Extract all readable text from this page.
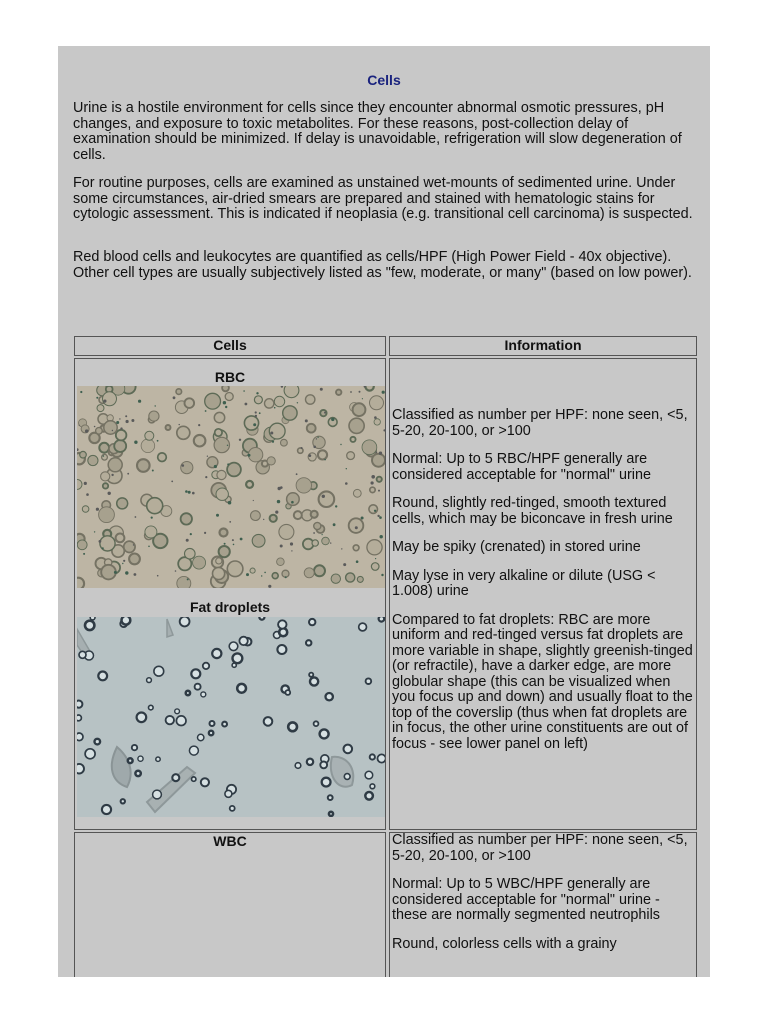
Cells

Urine is a hostile environment for cells since they encounter abnormal osmotic pressures, pH changes, and exposure to toxic metabolites. For these reasons, post-collection delay of examination should be minimized. If delay is unavoidable, refrigeration will slow degeneration of cells.

For routine purposes, cells are examined as unstained wet-mounts of sedimented urine. Under some circumstances, air-dried smears are prepared and stained with hematologic stains for cytologic assessment. This is indicated if neoplasia (e.g. transitional cell carcinoma) is suspected.

Red blood cells and leukocytes are quantified as cells/HPF (High Power Field - 40x objective). Other cell types are usually subjectively listed as "few, moderate, or many" (based on low power).

Cells	Information
RBC
Fat droplets

Classified as number per HPF: none seen, <5, 5-20, 20-100, or >100

Normal: Up to 5 RBC/HPF generally are considered acceptable for "normal" urine

Round, slightly red-tinged, smooth textured cells, which may be biconcave in fresh urine

May be spiky (crenated) in stored urine

May lyse in very alkaline or dilute (USG < 1.008) urine

Compared to fat droplets: RBC are more uniform and red-tinged versus fat droplets are more variable in shape, slightly greenish-tinged (or refractile), have a darker edge, are more globular shape (this can be visualized when you focus up and down) and usually float to the top of the coverslip (thus when fat droplets are in focus, the other urine constituents are out of focus - see lower panel on left)

WBC	Classified as number per HPF: none seen, <5, 5-20, 20-100, or >100

Normal: Up to 5 WBC/HPF generally are considered acceptable for "normal" urine - these are normally segmented neutrophils

Round, colorless cells with a grainy
